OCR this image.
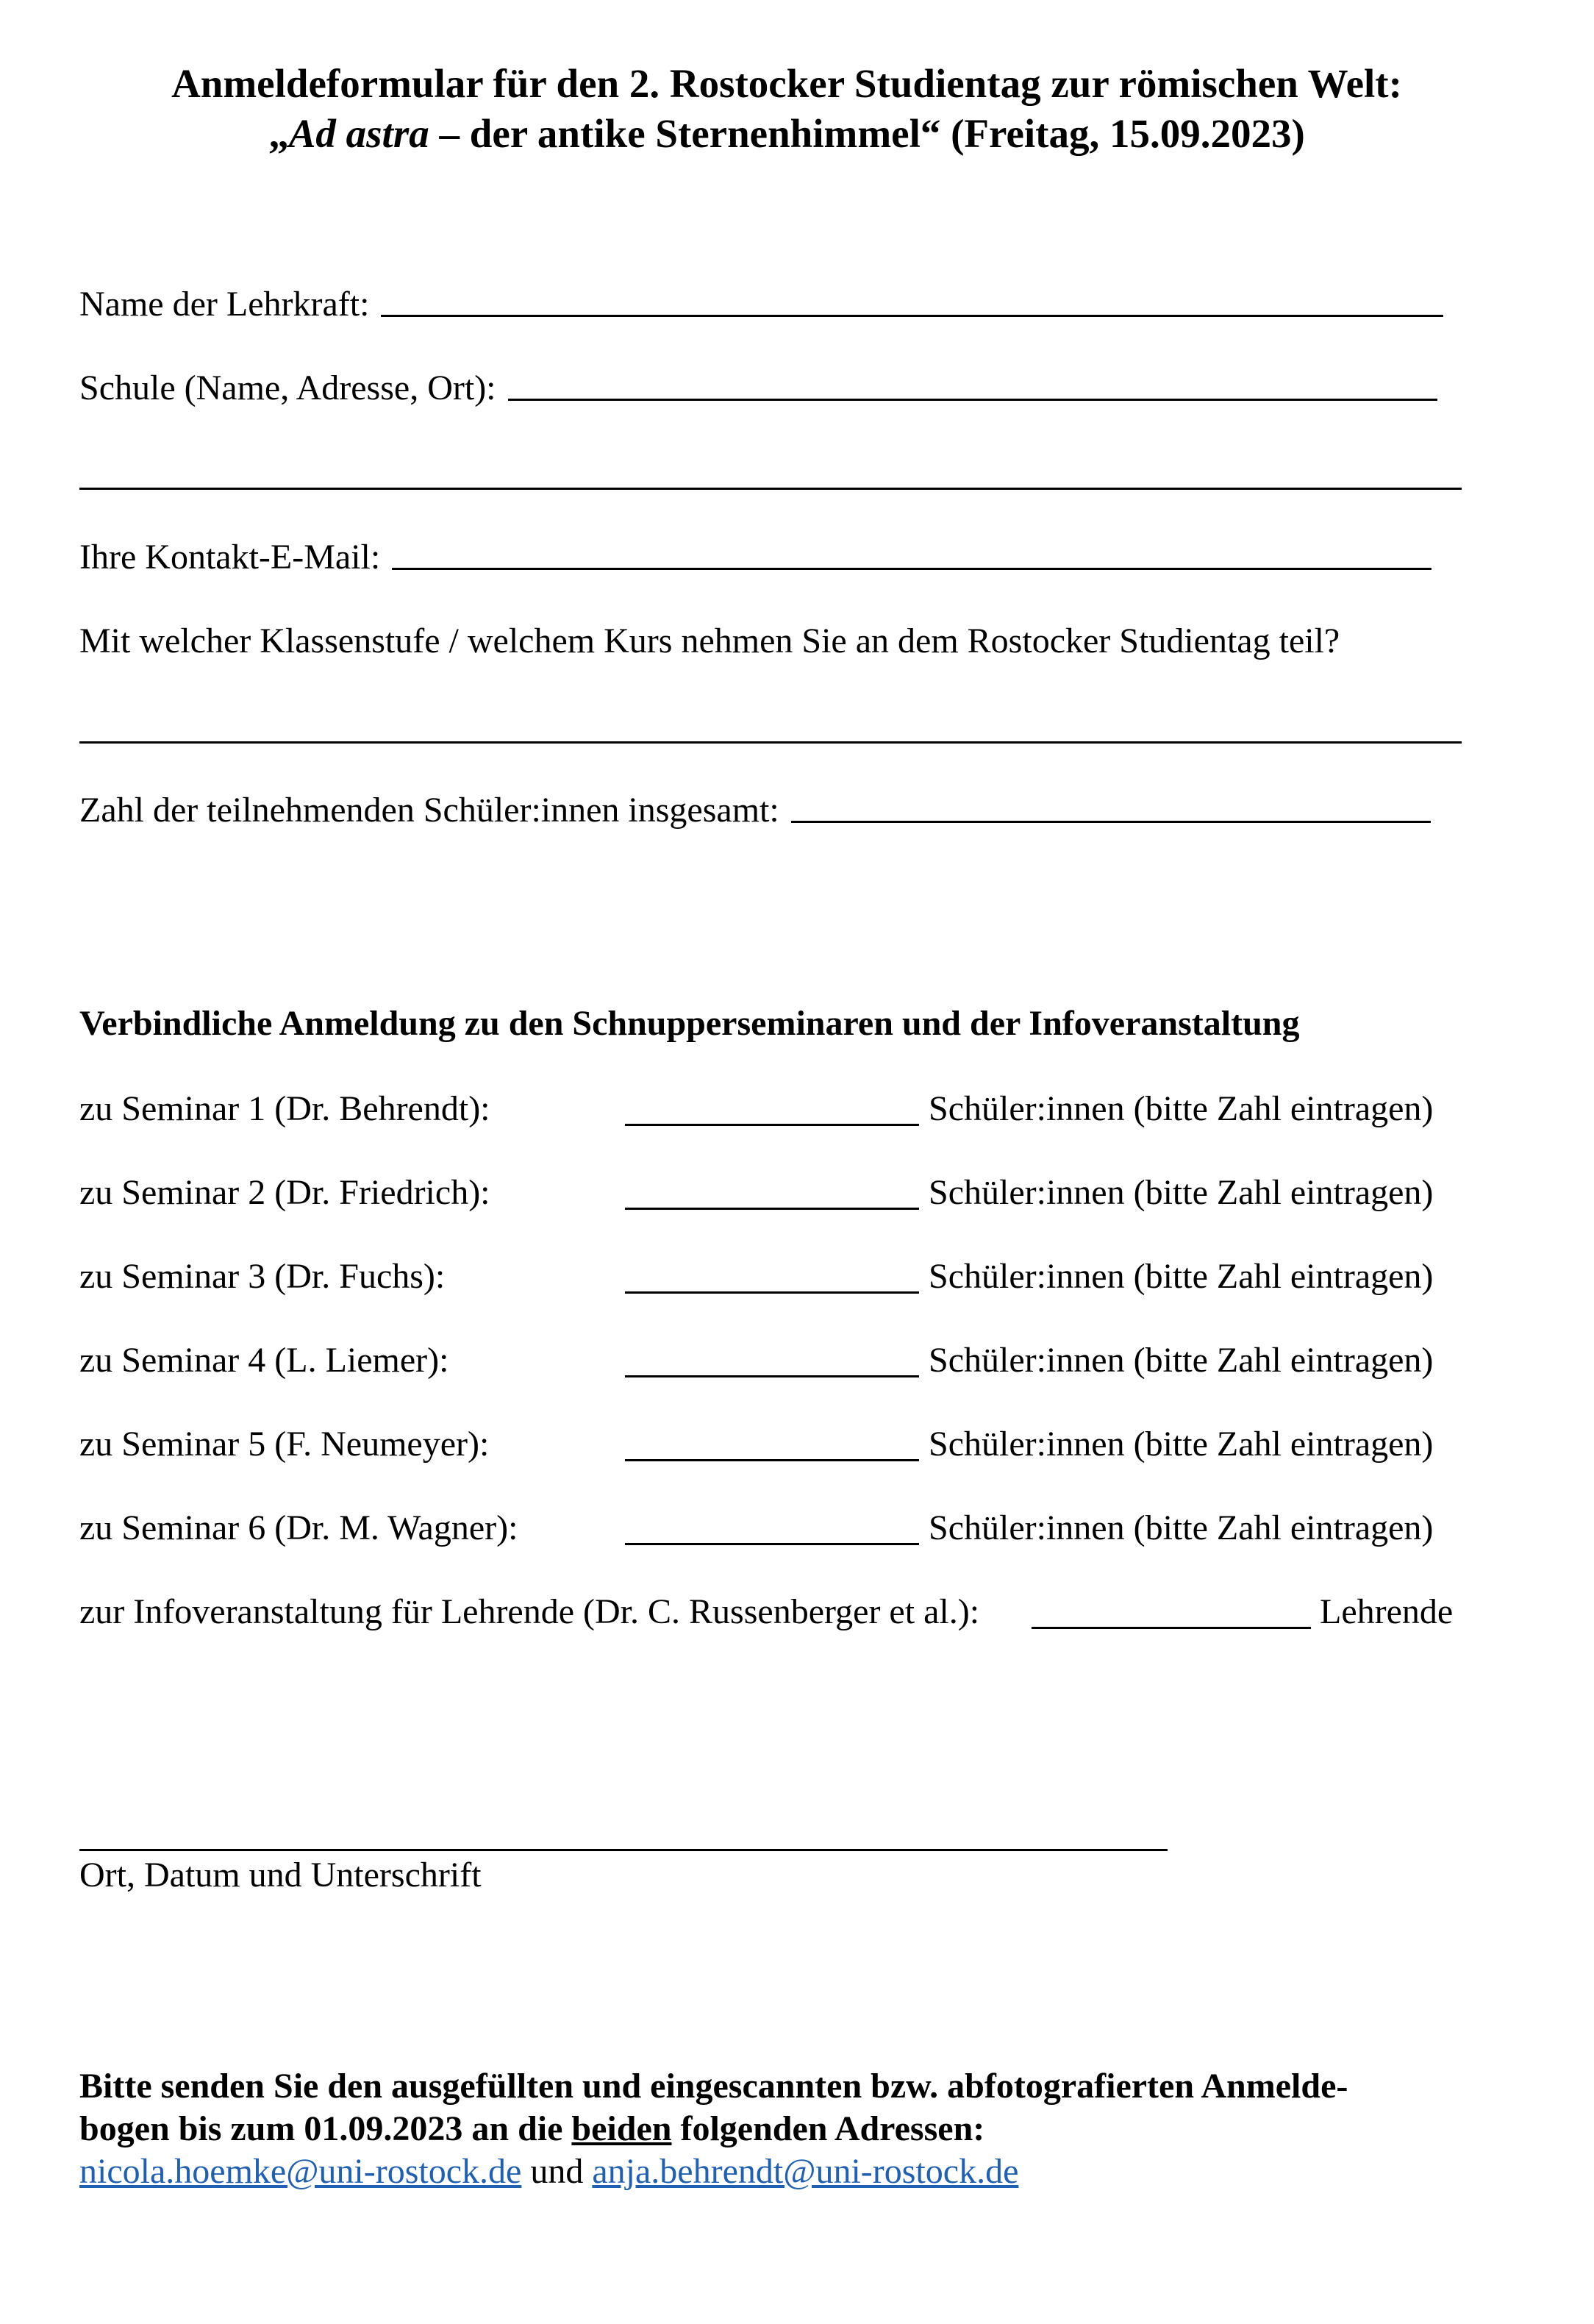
Anmeldeformular für den 2. Rostocker Studientag zur römischen Welt:
„Ad astra – der antike Sternenhimmel“ (Freitag, 15.09.2023)
Name der Lehrkraft:
Schule (Name, Adresse, Ort):
Ihre Kontakt-E-Mail:
Mit welcher Klassenstufe / welchem Kurs nehmen Sie an dem Rostocker Studientag teil?
Zahl der teilnehmenden Schüler:innen insgesamt:
Verbindliche Anmeldung zu den Schnupperseminaren und der Infoveranstaltung
zu Seminar 1 (Dr. Behrendt):	Schüler:innen (bitte Zahl eintragen)
zu Seminar 2 (Dr. Friedrich):	Schüler:innen (bitte Zahl eintragen)
zu Seminar 3 (Dr. Fuchs):	Schüler:innen (bitte Zahl eintragen)
zu Seminar 4 (L. Liemer):	Schüler:innen (bitte Zahl eintragen)
zu Seminar 5 (F. Neumeyer):	Schüler:innen (bitte Zahl eintragen)
zu Seminar 6 (Dr. M. Wagner):	Schüler:innen (bitte Zahl eintragen)
zur Infoveranstaltung für Lehrende (Dr. C. Russenberger et al.):	Lehrende
Ort, Datum und Unterschrift
Bitte senden Sie den ausgefüllten und eingescannten bzw. abfotografierten Anmelde-
bogen bis zum 01.09.2023 an die beiden folgenden Adressen:
nicola.hoemke@uni-rostock.de und anja.behrendt@uni-rostock.de
